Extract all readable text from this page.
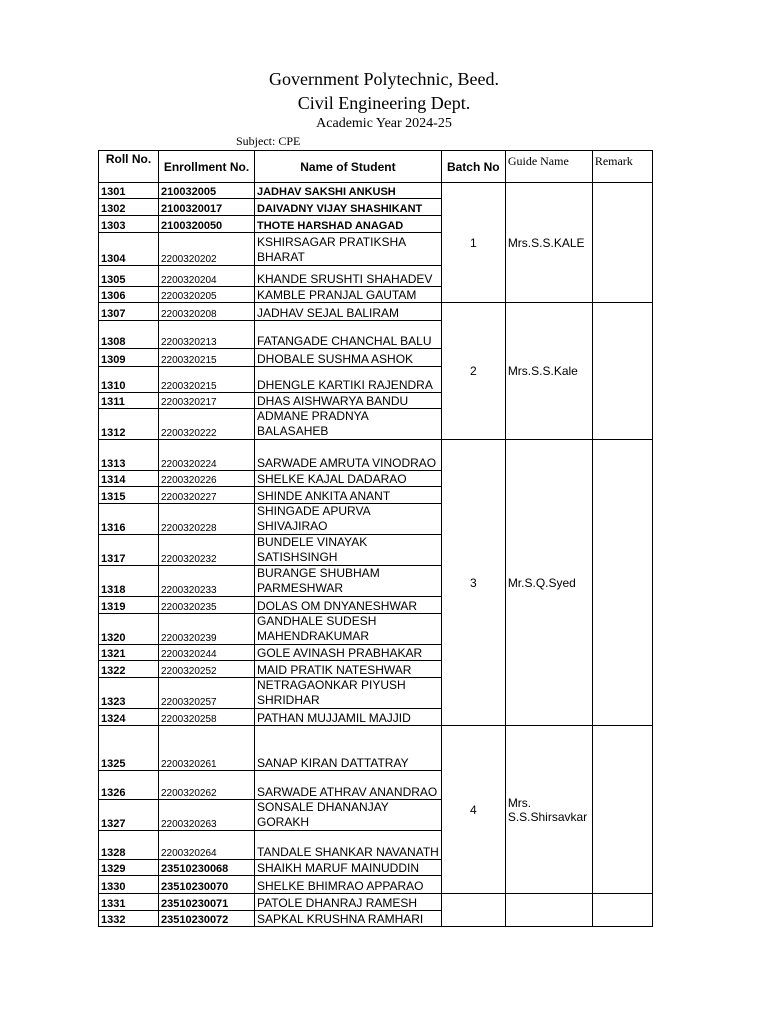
Government Polytechnic, Beed.
Civil Engineering Dept.
Academic Year 2024-25
Subject: CPE
Roll No.	Enrollment No.	Name of Student	Batch No	Guide Name	Remark
1301	210032005	JADHAV SAKSHI ANKUSH	1	Mrs.S.S.KALE	
1302	2100320017	DAIVADNY VIJAY SHASHIKANT			
1303	2100320050	THOTE HARSHAD ANAGAD			
1304	2200320202	KSHIRSAGAR PRATIKSHA BHARAT			
1305	2200320204	KHANDE SRUSHTI SHAHADEV			
1306	2200320205	KAMBLE PRANJAL GAUTAM			
1307	2200320208	JADHAV SEJAL BALIRAM	2	Mrs.S.S.Kale	
1308	2200320213	FATANGADE CHANCHAL BALU			
1309	2200320215	DHOBALE SUSHMA ASHOK			
1310	2200320215	DHENGLE KARTIKI RAJENDRA			
1311	2200320217	DHAS AISHWARYA BANDU			
1312	2200320222	ADMANE PRADNYA BALASAHEB			
1313	2200320224	SARWADE AMRUTA VINODRAO	3	Mr.S.Q.Syed	
1314	2200320226	SHELKE KAJAL DADARAO			
1315	2200320227	SHINDE ANKITA ANANT			
1316	2200320228	SHINGADE APURVA SHIVAJIRAO			
1317	2200320232	BUNDELE VINAYAK SATISHSINGH			
1318	2200320233	BURANGE SHUBHAM PARMESHWAR			
1319	2200320235	DOLAS OM DNYANESHWAR			
1320	2200320239	GANDHALE SUDESH MAHENDRAKUMAR			
1321	2200320244	GOLE AVINASH PRABHAKAR			
1322	2200320252	MAID PRATIK NATESHWAR			
1323	2200320257	NETRAGAONKAR PIYUSH SHRIDHAR			
1324	2200320258	PATHAN MUJJAMIL MAJJID			
1325	2200320261	SANAP KIRAN DATTATRAY	4	Mrs. S.S.Shirsavkar	
1326	2200320262	SARWADE ATHRAV ANANDRAO			
1327	2200320263	SONSALE DHANANJAY GORAKH			
1328	2200320264	TANDALE SHANKAR NAVANATH			
1329	23510230068	SHAIKH MARUF MAINUDDIN			
1330	23510230070	SHELKE BHIMRAO APPARAO			
1331	23510230071	PATOLE DHANRAJ RAMESH			
1332	23510230072	SAPKAL KRUSHNA RAMHARI			
